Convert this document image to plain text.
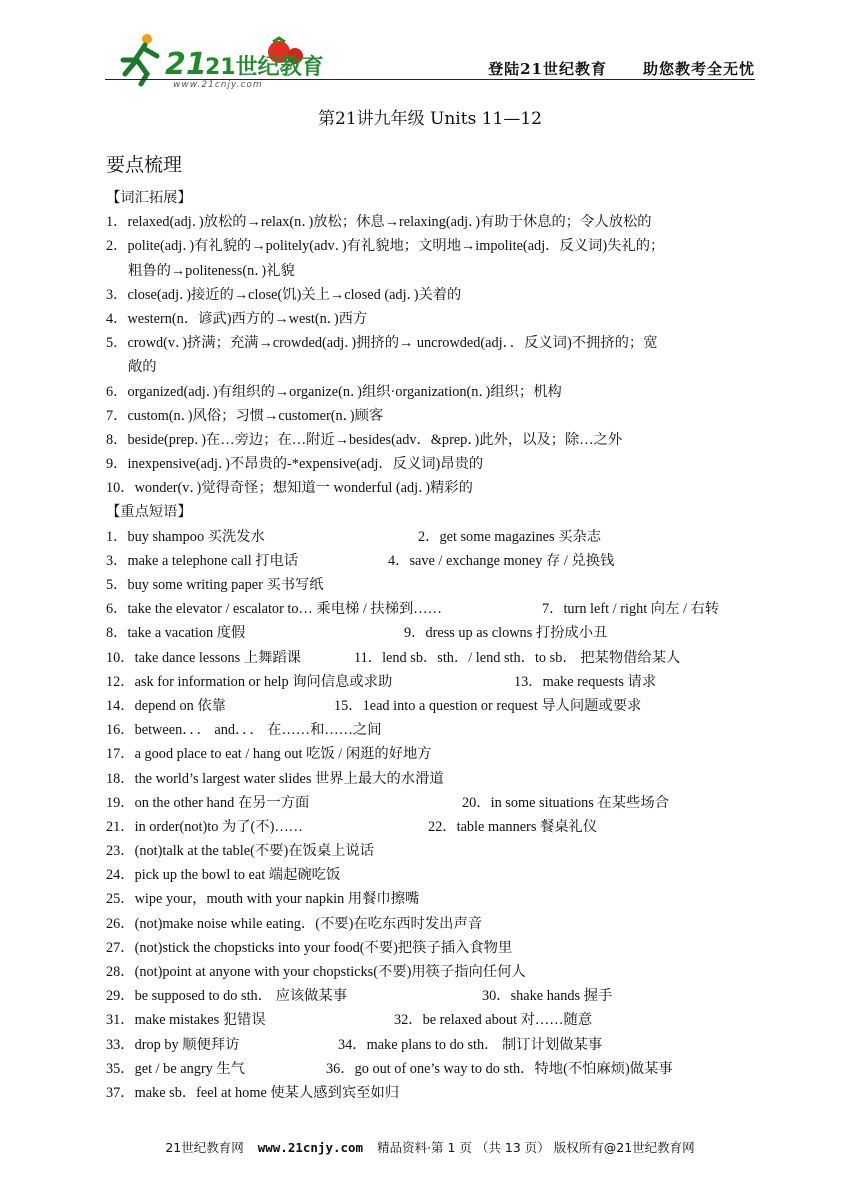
21
21世纪教育
www.21cnjy.com
登陆21世纪教育 助您教考全无忧
第21讲九年级 Units 11—12
要点梳理
【词汇拓展】
1．relaxed(adj．)放松的→relax(n．)放松；休息→relaxing(adj．)有助于休息的；令人放松的
2．polite(adj．)有礼貌的→politely(adv．)有礼貌地；文明地→impolite(adj．反义词)失礼的；
粗鲁的→politeness(n．)礼貌
3．close(adj．)接近的→close(饥)关上→closed (adj．)关着的
4．western(n．谚武)西方的→west(n．)西方
5．crowd(v．)挤满；充满→crowded(adj．)拥挤的→ uncrowded(adj．．反义词)不拥挤的；宽
敞的
6．organized(adj．)有组织的→organize(n．)组织·organization(n．)组织；机构
7．custom(n．)风俗；习惯→customer(n．)顾客
8．beside(prep．)在…旁边；在…附近→besides(adv．&prep．)此外，以及；除…之外
9．inexpensive(adj．)不昂贵的-*expensive(adj．反义词)昂贵的
10．wonder(v．)觉得奇怪；想知道一 wonderful (adj．)精彩的
【重点短语】
1．buy shampoo 买洗发水	2．get some magazines 买杂志
3．make a telephone call 打电话	4．save / exchange money 存 / 兑换钱
5．buy some writing paper 买书写纸
6．take the elevator / escalator to… 乘电梯 / 扶梯到……	7．turn left / right 向左 / 右转
8．take a vacation 度假	9．dress up as clowns 打扮成小丑
10．take dance lessons 上舞蹈课	11．lend sb．sth．/ lend sth．to sb． 把某物借给某人
12．ask for information or help 询问信息或求助	13．make requests 请求
14．depend on 依靠	15．1ead into a question or request 导人问题或要求
16．between．．． and．．． 在……和……之间
17．a good place to eat / hang out 吃饭 / 闲逛的好地方
18．the world’s largest water slides 世界上最大的水滑道
19．on the other hand 在另一方面	20．in some situations 在某些场合
21．in order(not)to 为了(不)……	22．table manners 餐桌礼仪
23．(not)talk at the table(不要)在饭桌上说话
24．pick up the bowl to eat 端起碗吃饭
25．wipe your，mouth with your napkin 用餐巾擦嘴
26．(not)make noise while eating．(不要)在吃东西时发出声音
27．(not)stick the chopsticks into your food(不要)把筷子插入食物里
28．(not)point at anyone with your chopsticks(不要)用筷子指向任何人
29．be supposed to do sth． 应该做某事	30．shake hands 握手
31．make mistakes 犯错误	32．be relaxed about 对……随意
33．drop by 顺便拜访	34．make plans to do sth． 制订计划做某事
35．get / be angry 生气	36．go out of one’s way to do sth．特地(不怕麻烦)做某事
37．make sb．feel at home 使某人感到宾至如归
21世纪教育网 www.21cnjy.com 精品资料·第 1 页 （共 13 页） 版权所有@21世纪教育网
